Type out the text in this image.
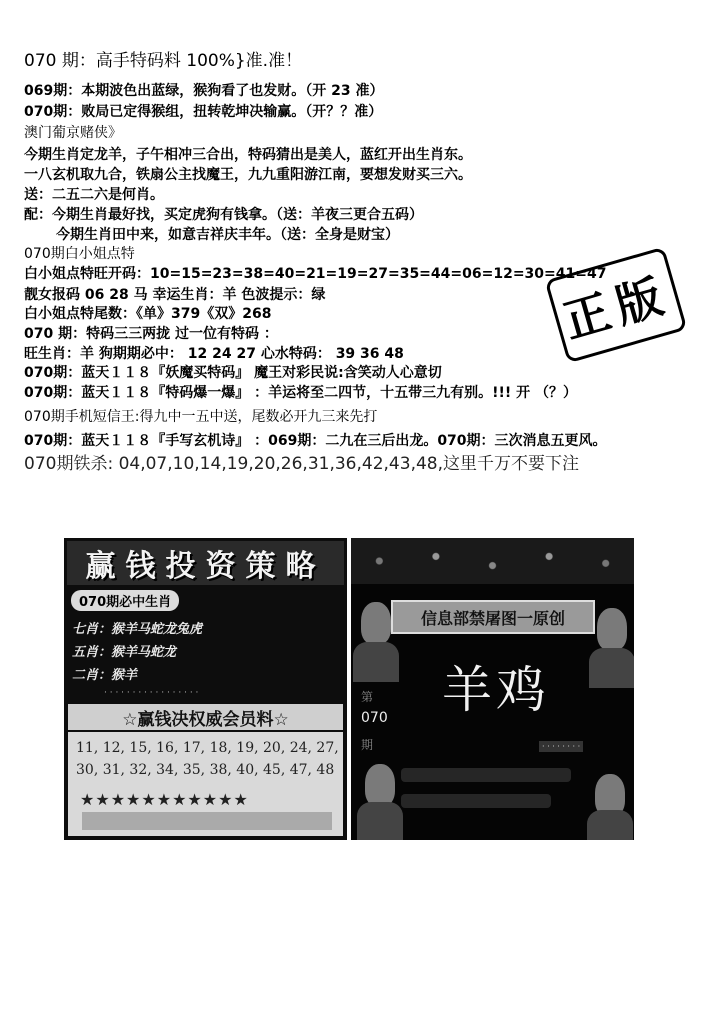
070 期：高手特码料 100%}准.准！
069期：本期波色出蓝绿，猴狗看了也发财。（开 23 准）
070期：败局已定得猴组，扭转乾坤决输赢。（开？？准）
澳门葡京赌侠》
今期生肖定龙羊，子午相冲三合出，特码猜出是美人，蓝红开出生肖东。
一八玄机取九合，铁扇公主找魔王，九九重阳游江南，要想发财买三六。
送：二五二六是何肖。
配：今期生肖最好找，买定虎狗有钱拿。（送：羊夜三更合五码）
今期生肖田中来，如意吉祥庆丰年。（送：全身是财宝）
070期白小姐点特
白小姐点特旺开码：10=15=23=38=40=21=19=27=35=44=06=12=30=41=47
靓女报码 06 28 马 幸运生肖：羊 色波提示：绿
白小姐点特尾数：《单》379《双》268
070 期：特码三三两拢 过一位有特码 ：
旺生肖：羊 狗期期必中： 12 24 27 心水特码： 39 36 48
070期：蓝天１１８『妖魔买特码』 魔王对彩民说:含笑动人心意切
070期：蓝天１１８『特码爆一爆』 ：羊运将至二四节，十五带三九有别。!!! 开 （？）
070期手机短信王:得九中一五中送，尾数必开九三来先打
070期：蓝天１１８『手写玄机诗』 ：069期：二九在三后出龙。070期：三次消息五更风。
070期铁杀: 04,07,10,14,19,20,26,31,36,42,43,48,这里千万不要下注
正版
赢钱投资策略
070期必中生肖
七肖：猴羊马蛇龙兔虎
五肖：猴羊马蛇龙
二肖：猴羊
· · · · · · · · · · · · · · · · ·
☆赢钱决权威会员料☆
11, 12, 15, 16, 17, 18, 19, 20, 24, 27,
30, 31, 32, 34, 35, 38, 40, 45, 47, 48
★★★★★★★★★★★
信息部禁屠图一原创
第	羊鸡
070
期	· · · · · · · ·
